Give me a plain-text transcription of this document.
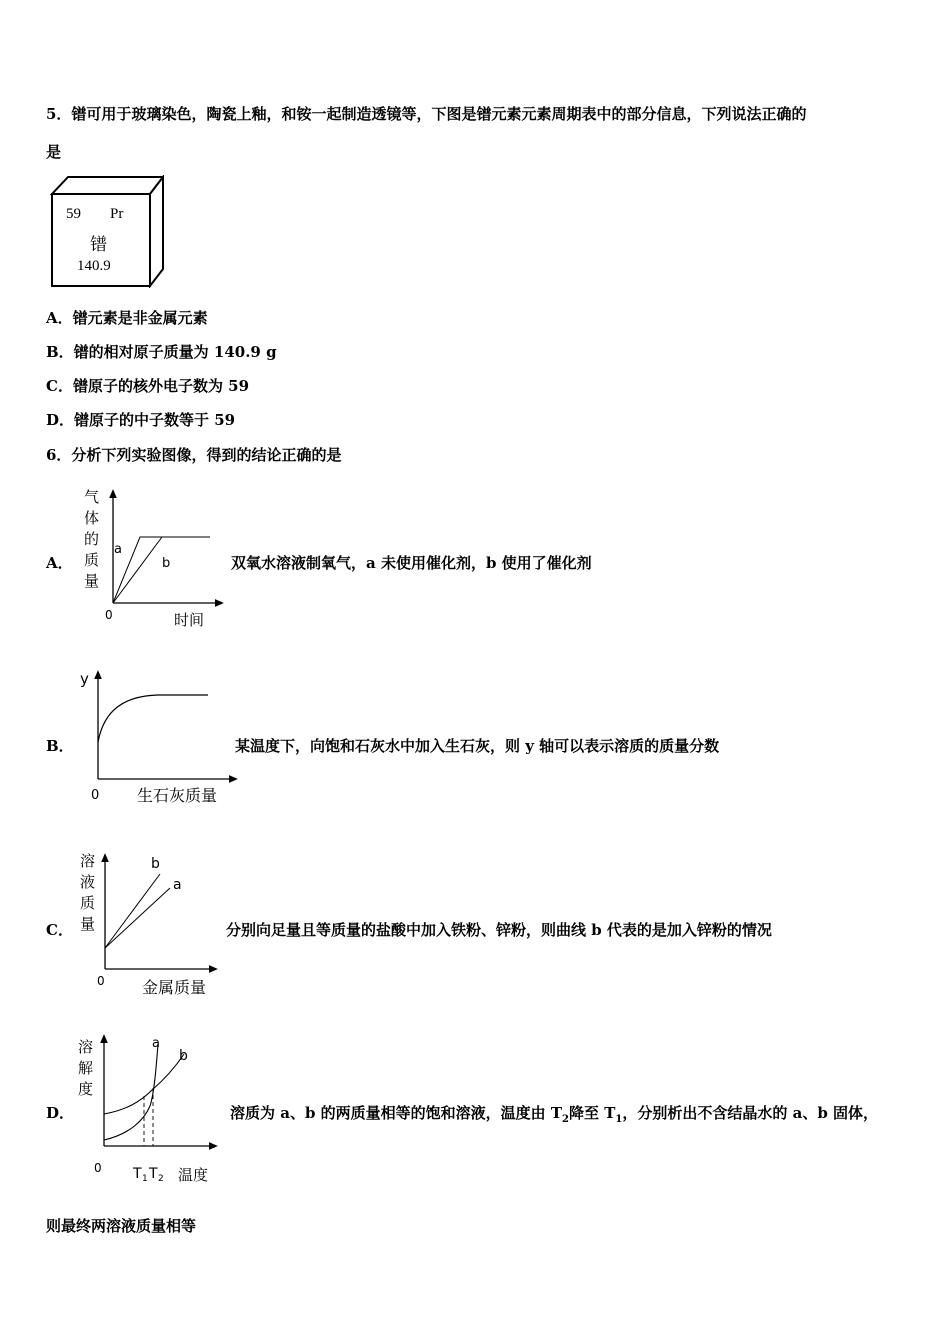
5．镨可用于玻璃染色，陶瓷上釉，和铵一起制造透镜等，下图是镨元素元素周期表中的部分信息，下列说法正确的
是
59 Pr
镨
140.9
A．镨元素是非金属元素
B．镨的相对原子质量为 140.9 g
C．镨原子的核外电子数为 59
D．镨原子的中子数等于 59
6．分析下列实验图像，得到的结论正确的是
A．
气
体
的
质
量
a
b
0	时间
双氧水溶液制氧气，a 未使用催化剂，b 使用了催化剂
B．
y
0 生石灰质量
某温度下，向饱和石灰水中加入生石灰，则 y 轴可以表示溶质的质量分数
C．
溶
液
质
量
b
a
0 金属质量
分别向足量且等质量的盐酸中加入铁粉、锌粉，则曲线 b 代表的是加入锌粉的情况
D．
溶
解
度
a
b
0 T 1 T 2 温度
溶质为 a、b 的两质量相等的饱和溶液，温度由 $T_2$降至 $T_1$，分别析出不含结晶水的 a、b 固体，
则最终两溶液质量相等
